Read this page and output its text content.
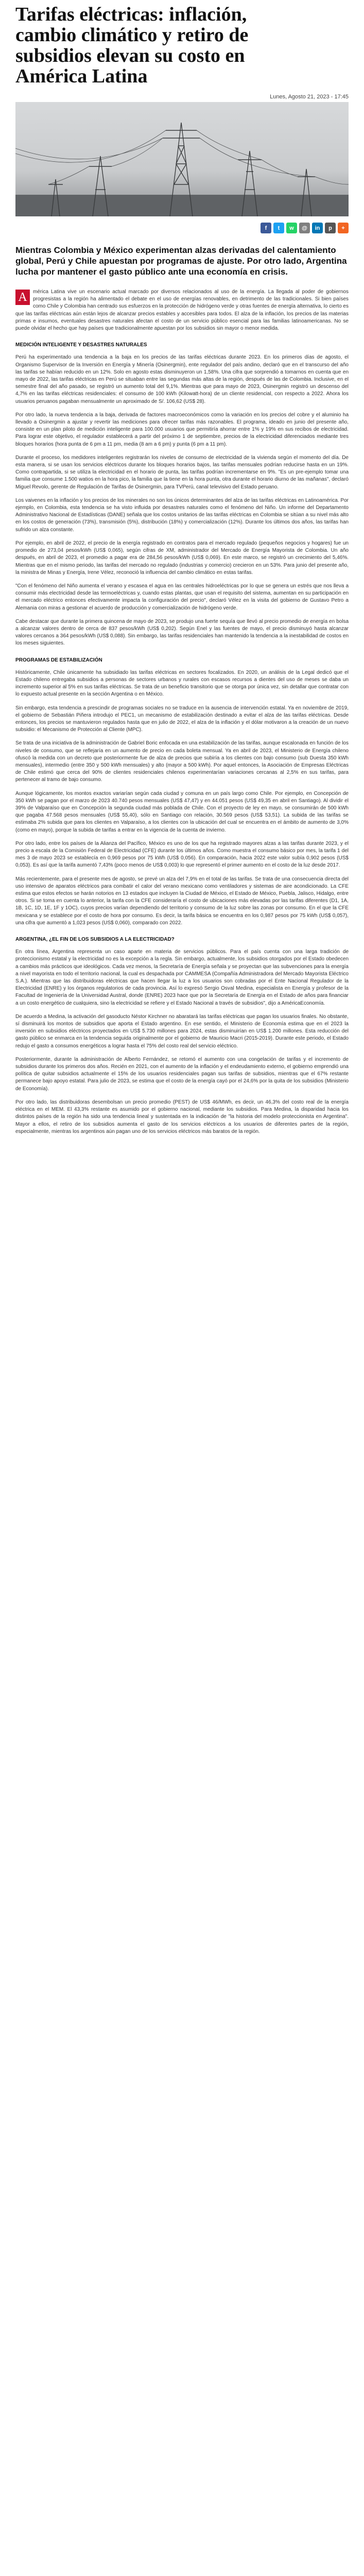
Tarifas eléctricas: inflación, cambio climático y retiro de subsidios elevan su costo en América Latina
Lunes, Agosto 21, 2023 - 17:45
f	t	w	@	in	p	+
Mientras Colombia y México experimentan alzas derivadas del calentamiento global, Perú y Chile apuestan por programas de ajuste. Por otro lado, Argentina lucha por mantener el gasto público ante una economía en crisis.

A	mérica Latina vive un escenario actual marcado por diversos relacionados al uso de la energía. La llegada al poder de gobiernos progresistas a la región ha alimentado el debate en el uso de energías renovables, en detrimento de las tradicionales. Si bien países como Chile y Colombia han centrado sus esfuerzos en la protección de hidrógeno verde y otras fuentes de energía alternativa, lo cierto es que las tarifas eléctricas aún están lejos de alcanzar precios estables y accesibles para todos. El alza de la inflación, los precios de las materias primas e insumos, eventuales desastres naturales afectan el costo de un servicio público esencial para las familias latinoamericanas. No se puede olvidar el hecho que hay países que tradicionalmente apuestan por los subsidios sin mayor o menor medida.

MEDICIÓN INTELIGENTE Y DESASTRES NATURALES

Perú ha experimentado una tendencia a la baja en los precios de las tarifas eléctricas durante 2023. En los primeros días de agosto, el Organismo Supervisor de la Inversión en Energía y Minería (Osinergmin), ente regulador del país andino, declaró que en el transcurso del año las tarifas se habían reducido en un 12%. Solo en agosto estas disminuyeron un 1,58%. Una cifra que sorprendió a tomarnos en cuenta que en mayo de 2022, las tarifas eléctricas en Perú se situaban entre las segundas más altas de la región, después de las de Colombia. Inclusive, en el semestre final del año pasado, se registró un aumento total del 9,1%. Mientras que para mayo de 2023, Osinergmin registró un descenso del 4,7% en las tarifas eléctricas residenciales: el consumo de 100 kWh (Kilowatt-hora) de un cliente residencial, con respecto a 2022. Ahora los usuarios peruanos pagaban mensualmente un aproximado de S/. 106,62 (US$ 28).

Por otro lado, la nueva tendencia a la baja, derivada de factores macroeconómicos como la variación en los precios del cobre y el aluminio ha llevado a Osinergmin a ajustar y revertir las mediciones para ofrecer tarifas más razonables. El programa, ideado en junio del presente año, consiste en un plan piloto de medición inteligente para 100.000 usuarios que permitiría ahorrar entre 1% y 19% en sus recibos de electricidad. Para lograr este objetivo, el regulador establecerá a partir del próximo 1 de septiembre, precios de la electricidad diferenciados mediante tres bloques horarios (hora punta de 6 pm a 11 pm, media (8 am a 6 pm) y punta (6 pm a 11 pm).

Durante el proceso, los medidores inteligentes registrarán los niveles de consumo de electricidad de la vivienda según el momento del día. De esta manera, si se usan los servicios eléctricos durante los bloques horarios bajos, las tarifas mensuales podrían reducirse hasta en un 19%. Como contrapartida, si se utiliza la electricidad en el horario de punta, las tarifas podrían incrementarse en 9%. "Es un pre-ejemplo tomar una familia que consume 1.500 watios en la hora pico, la familia que la tiene en la hora punta, otra durante el horario diurno de las mañanas", declaró Miguel Revolo, gerente de Regulación de Tarifas de Osinergmin, para TVPerú, canal televisivo del Estado peruano.

Los vaivenes en la inflación y los precios de los minerales no son los únicos determinantes del alza de las tarifas eléctricas en Latinoamérica. Por ejemplo, en Colombia, esta tendencia se ha visto influida por desastres naturales como el fenómeno del Niño. Un informe del Departamento Administrativo Nacional de Estadísticas (DANE) señala que los costos unitarios de las tarifas eléctricas en Colombia se sitúan a su nivel más alto en los costos de generación (73%), transmisión (5%), distribución (18%) y comercialización (12%). Durante los últimos dos años, las tarifas han sufrido un alza constante.

Por ejemplo, en abril de 2022, el precio de la energía registrado en contratos para el mercado regulado (pequeños negocios y hogares) fue un promedio de 273,04 pesos/kWh (US$ 0,065), según cifras de XM, administrador del Mercado de Energía Mayorista de Colombia. Un año después, en abril de 2023, el promedio a pagar era de 284,56 pesos/kWh (US$ 0,069). En este marco, se registró un crecimiento del 5,46%. Mientras que en el mismo periodo, las tarifas del mercado no regulado (industrias y comercio) crecieron en un 53%. Para junio del presente año, la ministra de Minas y Energía, Irene Vélez, reconoció la influencia del cambio climático en estas tarifas.

"Con el fenómeno del Niño aumenta el verano y escasea el agua en las centrales hidroeléctricas por lo que se genera un estrés que nos lleva a consumir más electricidad desde las termoeléctricas y, cuando estas plantas, que usan el requisito del sistema, aumentan en su participación en el mercado eléctrico entonces efectivamente impacta la configuración del precio", declaró Vélez en la visita del gobierno de Gustavo Petro a Alemania con miras a gestionar el acuerdo de producción y comercialización de hidrógeno verde.

Cabe destacar que durante la primera quincena de mayo de 2023, se produjo una fuerte sequía que llevó al precio promedio de energía en bolsa a alcanzar valores dentro de cerca de 837 pesos/kWh (US$ 0,202). Según Enel y las fuentes de mayo, el precio disminuyó hasta alcanzar valores cercanos a 364 pesos/kWh (US$ 0,088). Sin embargo, las tarifas residenciales han mantenido la tendencia a la inestabilidad de costos en los meses siguientes.

PROGRAMAS DE ESTABILIZACIÓN

Históricamente, Chile únicamente ha subsidiado las tarifas eléctricas en sectores focalizados. En 2020, un análisis de la Legal dedicó que el Estado chileno entregaba subsidios a personas de sectores urbanos y rurales con escasos recursos a dientes del uso de meses se daba un incremento superior al 5% en sus tarifas eléctricas. Se trata de un beneficio transitorio que se otorga por única vez, sin detallar que contratar con lo expuesto actual presente en la sección Argentina o en México.

Sin embargo, esta tendencia a prescindir de programas sociales no se traduce en la ausencia de intervención estatal. Ya en noviembre de 2019, el gobierno de Sebastián Piñera introdujo el PEC1, un mecanismo de estabilización destinado a evitar el alza de las tarifas eléctricas. Desde entonces, los precios se mantuvieron regulados hasta que en julio de 2022, el alza de la inflación y el dólar motivaron a la creación de un nuevo subsidio: el Mecanismo de Protección al Cliente (MPC).

Se trata de una iniciativa de la administración de Gabriel Boric enfocada en una estabilización de las tarifas, aunque escalonada en función de los niveles de consumo, que se reflejaría en un aumento de precio en cada boleta mensual. Ya en abril de 2023, el Ministerio de Energía chileno ofuscó la medida con un decreto que posteriormente fue de alza de precios que subiría a los clientes con bajo consumo (sub Duesta 350 kWh mensuales), intermedio (entre 350 y 500 kWh mensuales) y alto (mayor a 500 kWh). Por aquel entonces, la Asociación de Empresas Eléctricas de Chile estimó que cerca del 90% de clientes residenciales chilenos experimentarían variaciones cercanas al 2,5% en sus tarifas, para pertenecer al tramo de bajo consumo.

Aunque lógicamente, los montos exactos variarían según cada ciudad y comuna en un país largo como Chile. Por ejemplo, en Concepción de 350 kWh se pagan por el marzo de 2023 40.740 pesos mensuales (US$ 47,47) y en 44.051 pesos (US$ 49,35 en abril en Santiago). Al dividir el 39% de Valparaíso que en Concepción la segunda ciudad más poblada de Chile. Con el proyecto de ley en mayo, se consumirán de 500 kWh que pagaba 47.568 pesos mensuales (US$ 55,40), sólo en Santiago con relación, 30.569 pesos (US$ 53,51). La subida de las tarifas se estimaba 2% subida que para los clientes en Valparaíso, a los clientes con la ubicación del cual se encuentra en el ámbito de aumento de 3,0% (como en mayo), porque la subida de tarifas a entrar en la vigencia de la cuenta de invierno.

Por otro lado, entre los países de la Alianza del Pacífico, México es uno de los que ha registrado mayores alzas a las tarifas durante 2023, y el precio a escala de la Comisión Federal de Electricidad (CFE) durante los últimos años. Como muestra el consumo básico por mes, la tarifa 1 del mes 3 de mayo 2023 se establecía en 0,969 pesos por 75 kWh (US$ 0,056). En comparación, hacia 2022 este valor subía 0,902 pesos (US$ 0,053). Es así que la tarifa aumentó 7,43% (poco menos de US$ 0,003) lo que representó el primer aumento en el costo de la luz desde 2017.

Más recientemente, para el presente mes de agosto, se prevé un alza del 7,9% en el total de las tarifas. Se trata de una consecuencia directa del uso intensivo de aparatos eléctricos para combatir el calor del verano mexicano como ventiladores y sistemas de aire acondicionado. La CFE estima que estos efectos se harán notorios en 13 estados que incluyen la Ciudad de México, el Estado de México, Puebla, Jalisco, Hidalgo, entre otros. Si se toma en cuenta lo anterior, la tarifa con la CFE consideraría el costo de ubicaciones más elevadas por las tarifas diferentes (D1, 1A, 1B, 1C, 1D, 1E, 1F y 1OC), cuyos precios varían dependiendo del territorio y consumo de la luz sobre las zonas por consumo. En el que la CFE mexicana y se establece por el costo de hora por consumo. Es decir, la tarifa básica se encuentra en los 0,987 pesos por 75 kWh (US$ 0,057), una cifra que aumentó a 1,023 pesos (US$ 0,060), comparado con 2022.

ARGENTINA, ¿EL FIN DE LOS SUBSIDIOS A LA ELECTRICIDAD?

En otra línea, Argentina representa un caso aparte en materia de servicios públicos. Para el país cuenta con una larga tradición de proteccionismo estatal y la electricidad no es la excepción a la regla. Sin embargo, actualmente, los subsidios otorgados por el Estado obedecen a cambios más prácticos que ideológicos. Cada vez menos, la Secretaría de Energía señala y se proyectan que las subvenciones para la energía a nivel mayorista en todo el territorio nacional, la cual es despachada por CAMMESA (Compañía Administradora del Mercado Mayorista Eléctrico S.A.). Mientras que las distribuidoras eléctricas que hacen llegar la luz a los usuarios son cobradas por el Ente Nacional Regulador de la Electricidad (ENRE) y los órganos regulatorios de cada provincia. Así lo expresó Sergio Osval Medina, especialista en Energía y profesor de la Facultad de Ingeniería de la Universidad Austral, donde (ENRE) 2023 hace que por la Secretaría de Energía en el Estado de años para financiar a un costo energético de cualquiera, sino la electricidad se refiere y el Estado Nacional a través de subsidios", dijo a AméricaEconomía.

De acuerdo a Medina, la activación del gasoducto Néstor Kirchner no abaratará las tarifas eléctricas que pagan los usuarios finales. No obstante, sí disminuirá los montos de subsidios que aporta el Estado argentino. En ese sentido, el Ministerio de Economía estima que en el 2023 la inversión en subsidios eléctricos proyectados en US$ 5.730 millones para 2024, estas disminuirían en US$ 1.200 millones. Esta reducción del gasto público se enmarca en la tendencia seguida originalmente por el gobierno de Mauricio Macri (2015-2019). Durante este periodo, el Estado redujo el gasto a consumos energéticos a lograr hasta el 75% del costo real del servicio eléctrico.

Posteriormente, durante la administración de Alberto Fernández, se retomó el aumento con una congelación de tarifas y el incremento de subsidios durante los primeros dos años. Recién en 2021, con el aumento de la inflación y el endeudamiento externo, el gobierno emprendió una política de quitar subsidios actualmente el 15% de los usuarios residenciales pagan sus tarifas de subsidios, mientras que el 67% restante permanece bajo apoyo estatal. Para julio de 2023, se estima que el costo de la energía cayó por el 24,6% por la quita de los subsidios (Ministerio de Economía).

Por otro lado, las distribuidoras desembolsan un precio promedio (PEST) de US$ 46/MWh, es decir, un 46,3% del costo real de la energía eléctrica en el MEM. El 43,3% restante es asumido por el gobierno nacional, mediante los subsidios. Para Medina, la disparidad hacia los distintos países de la región ha sido una tendencia lineal y sustentada en la indicación de "la historia del modelo proteccionista en Argentina". Mayor a ellos, el retiro de los subsidios aumenta el gasto de los servicios eléctricos a los usuarios de diferentes partes de la región, especialmente, mientras los argentinos aún pagan uno de los servicios eléctricos más baratos de la región.
